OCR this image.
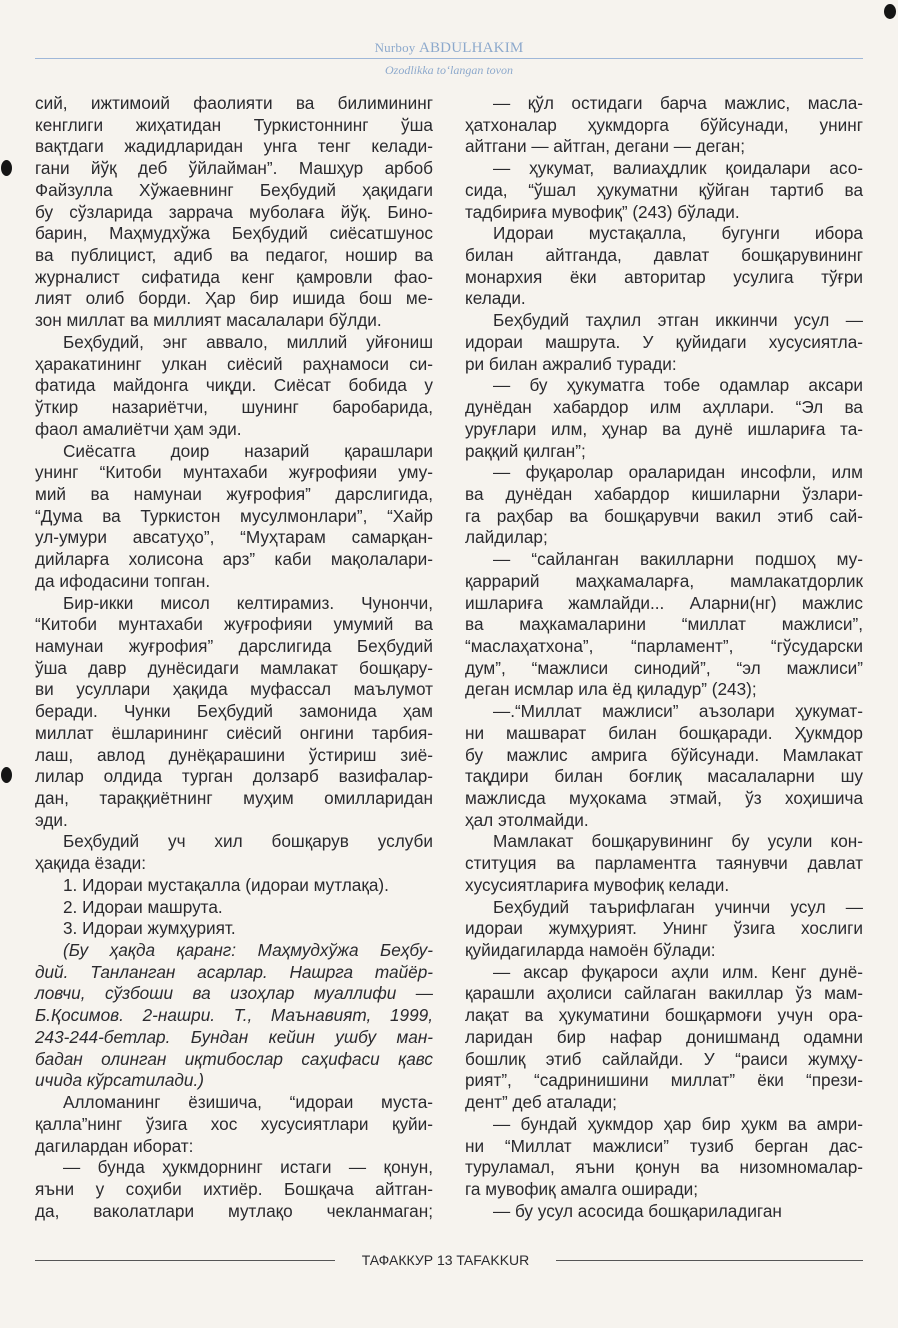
Nurboy ABDULHAKIM
Ozodlikka to‘langan tovon
сий, ижтимоий фаолияти ва билимининг
кенглиги жиҳатидан Туркистоннинг ўша
вақтдаги жадидларидан унга тенг келади-
гани йўқ деб ўйлайман”. Машҳур арбоб
Файзулла Хўжаевнинг Беҳбудий ҳақидаги
бу сўзларида заррача муболаға йўқ. Бино-
барин, Маҳмудхўжа Беҳбудий сиёсатшунос
ва публицист, адиб ва педагог, ношир ва
журналист сифатида кенг қамровли фао-
лият олиб борди. Ҳар бир ишида бош ме-
зон миллат ва миллият масалалари бўлди.
Беҳбудий, энг аввало, миллий уйғониш
ҳаракатининг улкан сиёсий раҳнамоси си-
фатида майдонга чиқди. Сиёсат бобида у
ўткир назариётчи, шунинг баробарида,
фаол амалиётчи ҳам эди.
Сиёсатга доир назарий қарашлари
унинг “Китоби мунтахаби жуғрофияи уму-
мий ва намунаи жуғрофия” дарслигида,
“Дума ва Туркистон мусулмонлари”, “Хайр
ул-умури авсатуҳо”, “Муҳтарам самарқан-
дийларға холисона арз” каби мақолалари-
да ифодасини топган.
Бир-икки мисол келтирамиз. Чунончи,
“Китоби мунтахаби жуғрофияи умумий ва
намунаи жуғрофия” дарслигида Беҳбудий
ўша давр дунёсидаги мамлакат бошқару-
ви усуллари ҳақида муфассал маълумот
беради. Чунки Беҳбудий замонида ҳам
миллат ёшларининг сиёсий онгини тарбия-
лаш, авлод дунёқарашини ўстириш зиё-
лилар олдида турган долзарб вазифалар-
дан, тараққиётнинг муҳим омилларидан
эди.
Беҳбудий уч хил бошқарув услуби
ҳақида ёзади:
1. Идораи мустақалла (идораи мутлақа).
2. Идораи машрута.
3. Идораи жумҳурият.
(Бу ҳақда қаранг: Маҳмудхўжа Беҳбу-
дий. Танланган асарлар. Нашрга тайёр-
ловчи, сўзбоши ва изоҳлар муаллифи —
Б.Қосимов. 2-нашри. Т., Маънавият, 1999,
243-244-бетлар. Бундан кейин ушбу ман-
бадан олинган иқтибослар саҳифаси қавс
ичида кўрсатилади.)
Алломанинг ёзишича, “идораи муста-
қалла”нинг ўзига хос хусусиятлари қуйи-
дагилардан иборат:
— бунда ҳукмдорнинг истаги — қонун,
яъни у соҳиби ихтиёр. Бошқача айтган-
да, ваколатлари мутлақо чекланмаган;
— қўл остидаги барча мажлис, масла-
ҳатхоналар ҳукмдорга бўйсунади, унинг
айтгани — айтган, дегани — деган;
— ҳукумат, валиаҳдлик қоидалари асо-
сида, “ўшал ҳукуматни қўйган тартиб ва
тадбириға мувофиқ” (243) бўлади.
Идораи мустақалла, бугунги ибора
билан айтганда, давлат бошқарувининг
монархия ёки авторитар усулига тўғри
келади.
Беҳбудий таҳлил этган иккинчи усул —
идораи машрута. У қуйидаги хусусиятла-
ри билан ажралиб туради:
— бу ҳукуматга тобе одамлар аксари
дунёдан хабардор илм аҳллари. “Эл ва
уруғлари илм, ҳунар ва дунё ишлариға та-
раққий қилган”;
— фуқаролар ораларидан инсофли, илм
ва дунёдан хабардор кишиларни ўзлари-
га раҳбар ва бошқарувчи вакил этиб сай-
лайдилар;
— “сайланган вакилларни подшоҳ му-
қаррарий маҳкамаларға, мамлакатдорлик
ишлариға жамлайди... Аларни(нг) мажлис
ва маҳкамаларини “миллат мажлиси”,
“маслаҳатхона”, “парламент”, “гўсударски
дум”, “мажлиси синодий”, “эл мажлиси”
деган исмлар ила ёд қиладур” (243);
—.“Миллат мажлиси” аъзолари ҳукумат-
ни машварат билан бошқаради. Ҳукмдор
бу мажлис амрига бўйсунади. Мамлакат
тақдири билан боғлиқ масалаларни шу
мажлисда муҳокама этмай, ўз хоҳишича
ҳал этолмайди.
Мамлакат бошқарувининг бу усули кон-
ституция ва парламентга таянувчи давлат
хусусиятлариға мувофиқ келади.
Беҳбудий таърифлаган учинчи усул —
идораи жумҳурият. Унинг ўзига хослиги
қуйидагиларда намоён бўлади:
— аксар фуқароси аҳли илм. Кенг дунё-
қарашли аҳолиси сайлаган вакиллар ўз мам-
лақат ва ҳукуматини бошқармоғи учун ора-
ларидан бир нафар донишманд одамни
бошлиқ этиб сайлайди. У “раиси жумҳу-
рият”, “садринишини миллат” ёки “прези-
дент” деб аталади;
— бундай ҳукмдор ҳар бир ҳукм ва амри-
ни “Миллат мажлиси” тузиб берган дас-
туруламал, яъни қонун ва низомномалар-
га мувофиқ амалга оширади;
— бу усул асосида бошқариладиган
ТАФАККУР 13 TAFAKKUR
